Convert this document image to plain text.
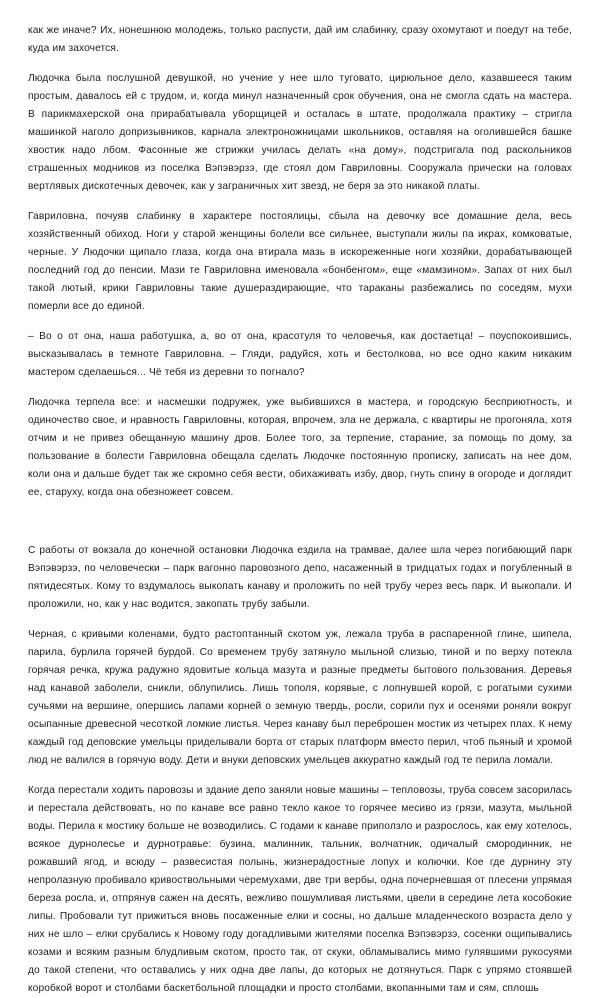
как же иначе? Их, нонешнюю молодежь, только распусти, дай им слабинку, сразу охомутают и поедут на тебе, куда им захочется.

Людочка была послушной девушкой, но учение у нее шло туговато, цирюльное дело, казавшееся таким простым, давалось ей с трудом, и, когда минул назначенный срок обучения, она не смогла сдать на мастера. В парикмахерской она прирабатывала уборщицей и осталась в штате, продолжала практику – стригла машинкой наголо допризывников, карнала электроножницами школьников, оставляя на оголившейся башке хвостик надо лбом. Фасонные же стрижки училась делать «на дому», подстригала под раскольников страшенных модников из поселка Вэпэвэрзэ, где стоял дом Гавриловны. Сооружала прически на головах вертлявых дискотечных девочек, как у заграничных хит звезд, не беря за это никакой платы.

Гавриловна, почуяв слабинку в характере постоялицы, сбыла на девочку все домашние дела, весь хозяйственный обиход. Ноги у старой женщины болели все сильнее, выступали жилы па икрах, комковатые, черные. У Людочки щипало глаза, когда она втирала мазь в искореженные ноги хозяйки, дорабатывающей последний год до пенсии. Мази те Гавриловна именовала «бонбенгом», еще «мамзином». Запах от них был такой лютый, крики Гавриловны такие душераздирающие, что тараканы разбежались по соседям, мухи померли все до единой.

– Во о от она, наша работушка, а, во от она, красотуля то человечья, как достаетца! – поуспокоившись, высказывалась в темноте Гавриловна. – Гляди, радуйся, хоть и бестолкова, но все одно каким никаким мастером сделаешься... Чё тебя из деревни то погнало?

Людочка терпела все: и насмешки подружек, уже выбившихся в мастера, и городскую бесприютность, и одиночество свое, и нравность Гавриловны, которая, впрочем, зла не держала, с квартиры не прогоняла, хотя отчим и не привез обещанную машину дров. Более того, за терпение, старание, за помощь по дому, за пользование в болести Гавриловна обещала сделать Людочке постоянную прописку, записать на нее дом, коли она и дальше будет так же скромно себя вести, обихаживать избу, двор, гнуть спину в огороде и доглядит ее, старуху, когда она обезножеет совсем.

С работы от вокзала до конечной остановки Людочка ездила на трамвае, далее шла через погибающий парк Вэпэвэрзэ, по человечески – парк вагонно паровозного депо, насаженный в тридцатых годах и погубленный в пятидесятых. Кому то вздумалось выкопать канаву и проложить по ней трубу через весь парк. И выкопали. И проложили, но, как у нас водится, закопать трубу забыли.

Черная, с кривыми коленами, будто растоптанный скотом уж, лежала труба в распаренной глине, шипела, парила, бурлила горячей бурдой. Со временем трубу затянуло мыльной слизью, тиной и по верху потекла горячая речка, кружа радужно ядовитые кольца мазута и разные предметы бытового пользования. Деревья над канавой заболели, сникли, облупились. Лишь тополя, корявые, с лопнувшей корой, с рогатыми сухими сучьями на вершине, опершись лапами корней о земную твердь, росли, сорили пух и осенями роняли вокруг осыпанные древесной чесоткой ломкие листья. Через канаву был переброшен мостик из четырех плах. К нему каждый год деповские умельцы приделывали борта от старых платформ вместо перил, чтоб пьяный и хромой люд не валился в горячую воду. Дети и внуки деповских умельцев аккуратно каждый год те перила ломали.

Когда перестали ходить паровозы и здание депо заняли новые машины – тепловозы, труба совсем засорилась и перестала действовать, но по канаве все равно текло какое то горячее месиво из грязи, мазута, мыльной воды. Перила к мостику больше не возводились. С годами к канаве приползло и разрослось, как ему хотелось, всякое дурнолесье и дурнотравье: бузина, малинник, тальник, волчатник, одичалый смородинник, не рожавший ягод, и всюду – развесистая полынь, жизнерадостные лопух и колючки. Кое где дурнину эту непролазную пробивало кривоствольными черемухами, две три вербы, одна почерневшая от плесени упрямая береза росла, и, отпрянув сажен на десять, вежливо пошумливая листьями, цвели в середине лета кособокие липы. Пробовали тут прижиться вновь посаженные елки и сосны, но дальше младенческого возраста дело у них не шло – елки срубались к Новому году догадливыми жителями поселка Вэпэвэрзэ, сосенки ощипывались козами и всяким разным блудливым скотом, просто так, от скуки, обламывались мимо гулявшими рукосуями до такой степени, что оставались у них одна две лапы, до которых не дотянуться. Парк с упрямо стоявшей коробкой ворот и столбами баскетбольной площадки и просто столбами, вкопанными там и сям, сплошь
